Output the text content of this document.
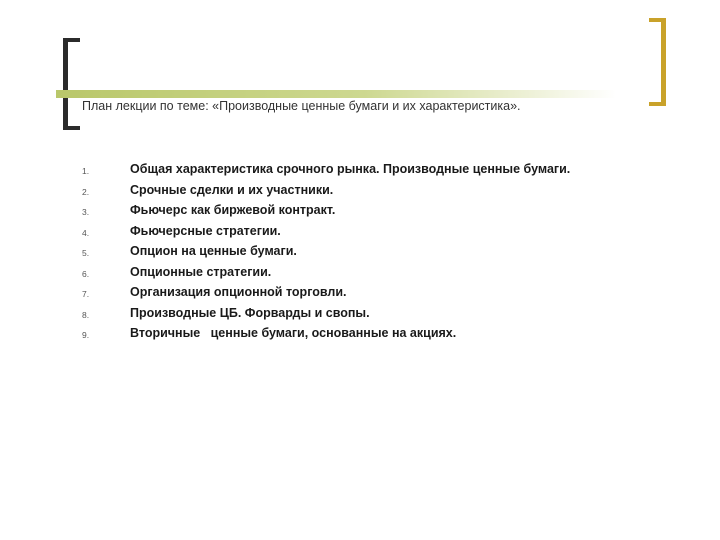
План лекции по теме: «Производные ценные бумаги и их характеристика».
1.	Общая характеристика срочного рынка. Производные ценные бумаги.
2.	Срочные сделки и их участники.
3.	Фьючерс как биржевой контракт.
4.	Фьючерсные стратегии.
5.	Опцион на ценные бумаги.
6.	Опционные стратегии.
7.	Организация опционной торговли.
8.	Производные ЦБ. Форварды и свопы.
9.	Вторичные   ценные бумаги, основанные на акциях.
